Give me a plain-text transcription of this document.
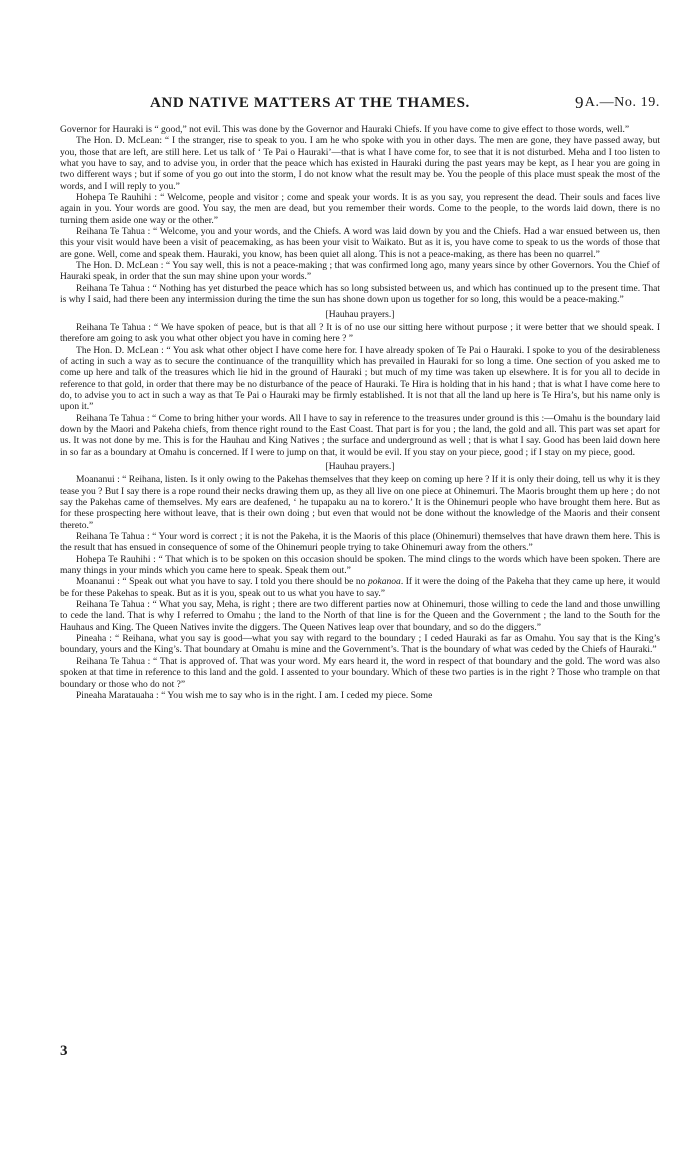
AND NATIVE MATTERS AT THE THAMES.	9 A.—No. 19.

Governor for Hauraki is “ good,” not evil. This was done by the Governor and Hauraki Chiefs. If you have come to give effect to those words, well.”

The Hon. D. McLean: “ I the stranger, rise to speak to you. I am he who spoke with you in other days. The men are gone, they have passed away, but you, those that are left, are still here. Let us talk of ‘ Te Pai o Hauraki’—that is what I have come for, to see that it is not disturbed. Meha and I too listen to what you have to say, and to advise you, in order that the peace which has existed in Hauraki during the past years may be kept, as I hear you are going in two different ways ; but if some of you go out into the storm, I do not know what the result may be. You the people of this place must speak the most of the words, and I will reply to you.”

Hohepa Te Rauhihi : “ Welcome, people and visitor ; come and speak your words. It is as you say, you represent the dead. Their souls and faces live again in you. Your words are good. You say, the men are dead, but you remember their words. Come to the people, to the words laid down, there is no turning them aside one way or the other.”

Reihana Te Tahua : “ Welcome, you and your words, and the Chiefs. A word was laid down by you and the Chiefs. Had a war ensued between us, then this your visit would have been a visit of peacemaking, as has been your visit to Waikato. But as it is, you have come to speak to us the words of those that are gone. Well, come and speak them. Hauraki, you know, has been quiet all along. This is not a peace-making, as there has been no quarrel.”

The Hon. D. McLean : “ You say well, this is not a peace-making ; that was confirmed long ago, many years since by other Governors. You the Chief of Hauraki speak, in order that the sun may shine upon your words.”

Reihana Te Tahua : “ Nothing has yet disturbed the peace which has so long subsisted between us, and which has continued up to the present time. That is why I said, had there been any intermission during the time the sun has shone down upon us together for so long, this would be a peace-making.”

[Hauhau prayers.]

Reihana Te Tahua : “ We have spoken of peace, but is that all ? It is of no use our sitting here without purpose ; it were better that we should speak. I therefore am going to ask you what other object you have in coming here ? ”

The Hon. D. McLean : “ You ask what other object I have come here for. I have already spoken of Te Pai o Hauraki. I spoke to you of the desirableness of acting in such a way as to secure the continuance of the tranquillity which has prevailed in Hauraki for so long a time. One section of you asked me to come up here and talk of the treasures which lie hid in the ground of Hauraki ; but much of my time was taken up elsewhere. It is for you all to decide in reference to that gold, in order that there may be no disturbance of the peace of Hauraki. Te Hira is holding that in his hand ; that is what I have come here to do, to advise you to act in such a way as that Te Pai o Hauraki may be firmly established. It is not that all the land up here is Te Hira’s, but his name only is upon it.”

Reihana Te Tahua : “ Come to bring hither your words. All I have to say in reference to the treasures under ground is this :—Omahu is the boundary laid down by the Maori and Pakeha chiefs, from thence right round to the East Coast. That part is for you ; the land, the gold and all. This part was set apart for us. It was not done by me. This is for the Hauhau and King Natives ; the surface and underground as well ; that is what I say. Good has been laid down here in so far as a boundary at Omahu is concerned. If I were to jump on that, it would be evil. If you stay on your piece, good ; if I stay on my piece, good.

[Hauhau prayers.]

Moananui : “ Reihana, listen. Is it only owing to the Pakehas themselves that they keep on coming up here ? If it is only their doing, tell us why it is they tease you ? But I say there is a rope round their necks drawing them up, as they all live on one piece at Ohinemuri. The Maoris brought them up here ; do not say the Pakehas came of themselves. My ears are deafened, ‘ he tupapaku au na to korero.’ It is the Ohinemuri people who have brought them here. But as for these prospecting here without leave, that is their own doing ; but even that would not be done without the knowledge of the Maoris and their consent thereto.”

Reihana Te Tahua : “ Your word is correct ; it is not the Pakeha, it is the Maoris of this place (Ohinemuri) themselves that have drawn them here. This is the result that has ensued in consequence of some of the Ohinemuri people trying to take Ohinemuri away from the others.”

Hohepa Te Rauhihi : “ That which is to be spoken on this occasion should be spoken. The mind clings to the words which have been spoken. There are many things in your minds which you came here to speak. Speak them out.”

Moananui : “ Speak out what you have to say. I told you there should be no pokanoa. If it were the doing of the Pakeha that they came up here, it would be for these Pakehas to speak. But as it is you, speak out to us what you have to say.”

Reihana Te Tahua : “ What you say, Meha, is right ; there are two different parties now at Ohinemuri, those willing to cede the land and those unwilling to cede the land. That is why I referred to Omahu ; the land to the North of that line is for the Queen and the Government ; the land to the South for the Hauhaus and King. The Queen Natives invite the diggers. The Queen Natives leap over that boundary, and so do the diggers.”

Pineaha : “ Reihana, what you say is good—what you say with regard to the boundary ; I ceded Hauraki as far as Omahu. You say that is the King’s boundary, yours and the King’s. That boundary at Omahu is mine and the Government’s. That is the boundary of what was ceded by the Chiefs of Hauraki.”

Reihana Te Tahua : “ That is approved of. That was your word. My ears heard it, the word in respect of that boundary and the gold. The word was also spoken at that time in reference to this land and the gold. I assented to your boundary. Which of these two parties is in the right ? Those who trample on that boundary or those who do not ?”

Pineaha Maratauaha : “ You wish me to say who is in the right. I am. I ceded my piece. Some

3
